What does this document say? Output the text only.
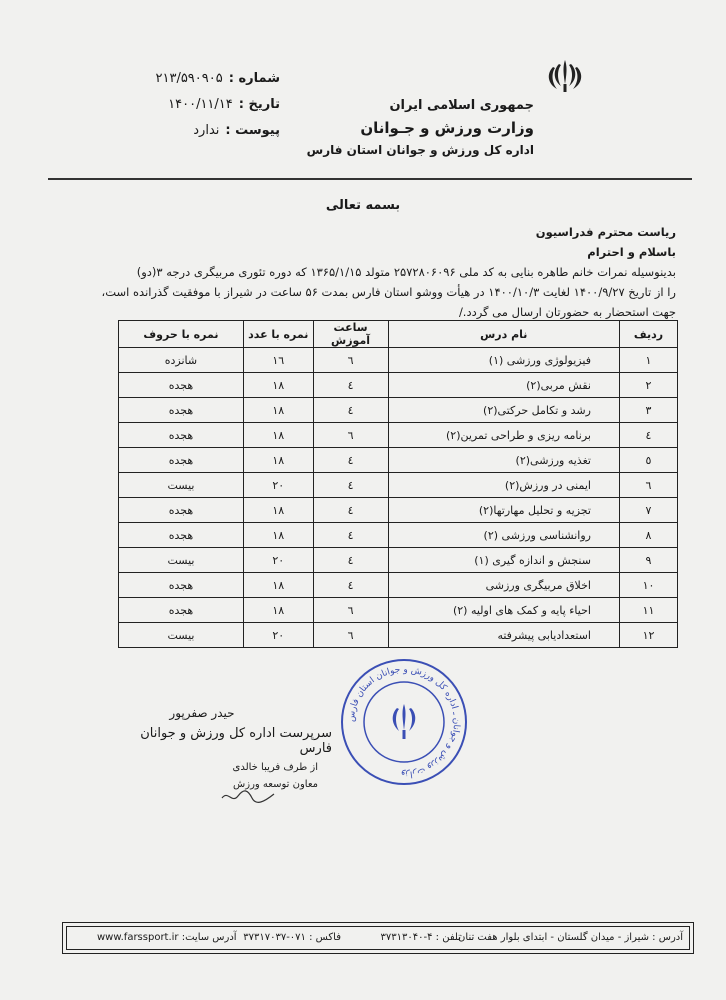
شماره :۲۱۳/۵۹۰۹۰۵
تاریخ :۱۴۰۰/۱۱/۱۴
پیوست :ندارد
جمهوری اسلامی ایران
وزارت ورزش و جـوانان
اداره کل ورزش و جوانان استان فارس
بسمه تعالی

ریاست محترم فدراسیون

باسلام و احترام

بدینوسیله نمرات خانم طاهره بنایی به کد ملی ۲۵۷۲۸۰۶۰۹۶ متولد ۱۳۶۵/۱/۱۵ که دوره تئوری مربیگری درجه ۳(دو)

را از تاریخ ۱۴۰۰/۹/۲۷ لغایت ۱۴۰۰/۱۰/۳ در هیأت ووشو استان فارس بمدت ۵۶ ساعت در شیراز با موفقیت گذرانده است،

جهت استحضار به حضورتان ارسال می گردد./

ردیف	نام درس	ساعت آموزش	نمره با عدد	نمره با حروف
۱	فیزیولوژی ورزشی (۱)	٦	۱٦	شانزده
۲	نقش مربی(۲)	٤	۱۸	هجده
۳	رشد و تکامل حرکتی(۲)	٤	۱۸	هجده
٤	برنامه ریزی و طراحی تمرین(۲)	٦	۱۸	هجده
٥	تغذیه ورزشی(۲)	٤	۱۸	هجده
٦	ایمنی در ورزش(۲)	٤	۲۰	بیست
۷	تجزیه و تحلیل مهارتها(۲)	٤	۱۸	هجده
۸	روانشناسی ورزشی (۲)	٤	۱۸	هجده
۹	سنجش و اندازه گیری (۱)	٤	۲۰	بیست
۱۰	اخلاق مربیگری ورزشی	٤	۱۸	هجده
۱۱	احیاء پایه و کمک های اولیه (۲)	٦	۱۸	هجده
۱۲	استعدادیابی پیشرفته	٦	۲۰	بیست
حیدر صفرپور
سرپرست اداره کل ورزش و جوانان فارس
از طرف فریبا خالدی
معاون توسعه ورزش
وزارت ورزش و جوانان ـ اداره کل ورزش و جوانان استان فارس
آدرس : شیراز - میدان گلستان - ابتدای بلوار هفت تنان
تلفن : ۴-۳۷۳۱۳۰۴۰
فاکس : ۰۷۱-۳۷۳۱۷۰۳۷
آدرس سایت: www.farssport.ir
